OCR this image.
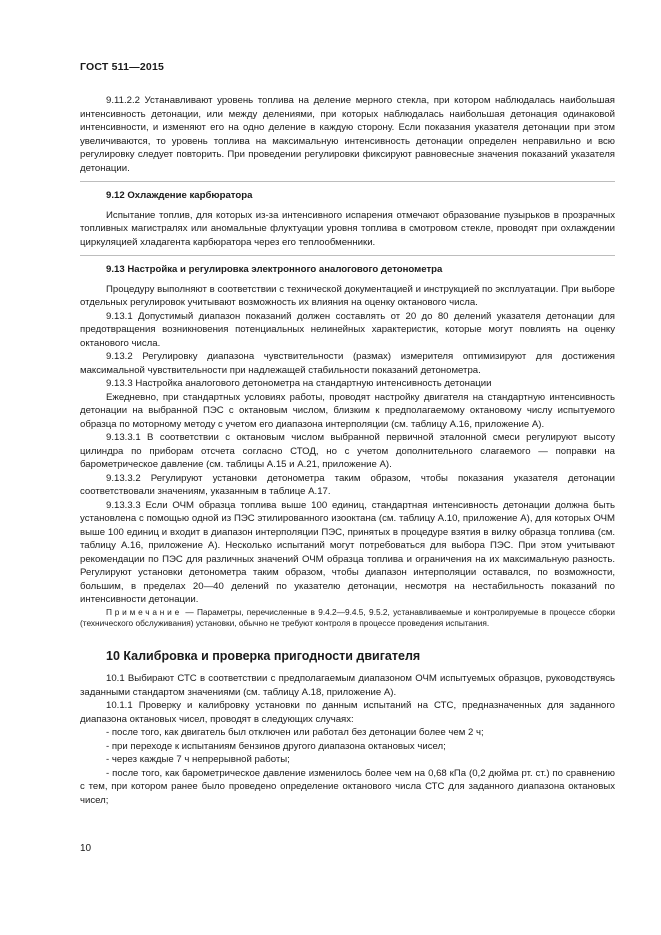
ГОСТ 511—2015

9.11.2.2 Устанавливают уровень топлива на деление мерного стекла, при котором наблюдалась наибольшая интенсивность детонации, или между делениями, при которых наблюдалась наибольшая детонация одинаковой интенсивности, и изменяют его на одно деление в каждую сторону. Если показания указателя детонации при этом увеличиваются, то уровень топлива на максимальную интенсивность детонации определен неправильно и всю регулировку следует повторить. При проведении регулировки фиксируют равновесные значения показаний указателя детонации.

9.12 Охлаждение карбюратора

Испытание топлив, для которых из-за интенсивного испарения отмечают образование пузырьков в прозрачных топливных магистралях или аномальные флуктуации уровня топлива в смотровом стекле, проводят при охлаждении циркуляцией хладагента карбюратора через его теплообменники.

9.13 Настройка и регулировка электронного аналогового детонометра

Процедуру выполняют в соответствии с технической документацией и инструкцией по эксплуатации. При выборе отдельных регулировок учитывают возможность их влияния на оценку октанового числа.

9.13.1 Допустимый диапазон показаний должен составлять от 20 до 80 делений указателя детонации для предотвращения возникновения потенциальных нелинейных характеристик, которые могут повлиять на оценку октанового числа.

9.13.2 Регулировку диапазона чувствительности (размах) измерителя оптимизируют для достижения максимальной чувствительности при надлежащей стабильности показаний детонометра.

9.13.3 Настройка аналогового детонометра на стандартную интенсивность детонации

Ежедневно, при стандартных условиях работы, проводят настройку двигателя на стандартную интенсивность детонации на выбранной ПЭС с октановым числом, близким к предполагаемому октановому числу испытуемого образца по моторному методу с учетом его диапазона интерполяции (см. таблицу А.16, приложение А).

9.13.3.1 В соответствии с октановым числом выбранной первичной эталонной смеси регулируют высоту цилиндра по приборам отсчета согласно СТОД, но с учетом дополнительного слагаемого — поправки на барометрическое давление (см. таблицы А.15 и А.21, приложение А).

9.13.3.2 Регулируют установки детонометра таким образом, чтобы показания указателя детонации соответствовали значениям, указанным в таблице А.17.

9.13.3.3 Если ОЧМ образца топлива выше 100 единиц, стандартная интенсивность детонации должна быть установлена с помощью одной из ПЭС этилированного изооктана (см. таблицу А.10, приложение А), для которых ОЧМ выше 100 единиц и входит в диапазон интерполяции ПЭС, принятых в процедуре взятия в вилку образца топлива (см. таблицу А.16, приложение А). Несколько испытаний могут потребоваться для выбора ПЭС. При этом учитывают рекомендации по ПЭС для различных значений ОЧМ образца топлива и ограничения на их максимальную разность. Регулируют установки детонометра таким образом, чтобы диапазон интерполяции оставался, по возможности, большим, в пределах 20—40 делений по указателю детонации, несмотря на нестабильность показаний по интенсивности детонации.

Примечание — Параметры, перечисленные в 9.4.2—9.4.5, 9.5.2, устанавливаемые и контролируемые в процессе сборки (технического обслуживания) установки, обычно не требуют контроля в процессе проведения испытания.

10 Калибровка и проверка пригодности двигателя

10.1 Выбирают СТС в соответствии с предполагаемым диапазоном ОЧМ испытуемых образцов, руководствуясь заданными стандартом значениями (см. таблицу А.18, приложение А).

10.1.1 Проверку и калибровку установки по данным испытаний на СТС, предназначенных для заданного диапазона октановых чисел, проводят в следующих случаях:

- после того, как двигатель был отключен или работал без детонации более чем 2 ч;

- при переходе к испытаниям бензинов другого диапазона октановых чисел;

- через каждые 7 ч непрерывной работы;

- после того, как барометрическое давление изменилось более чем на 0,68 кПа (0,2 дюйма рт. ст.) по сравнению с тем, при котором ранее было проведено определение октанового числа СТС для заданного диапазона октановых чисел;

10
